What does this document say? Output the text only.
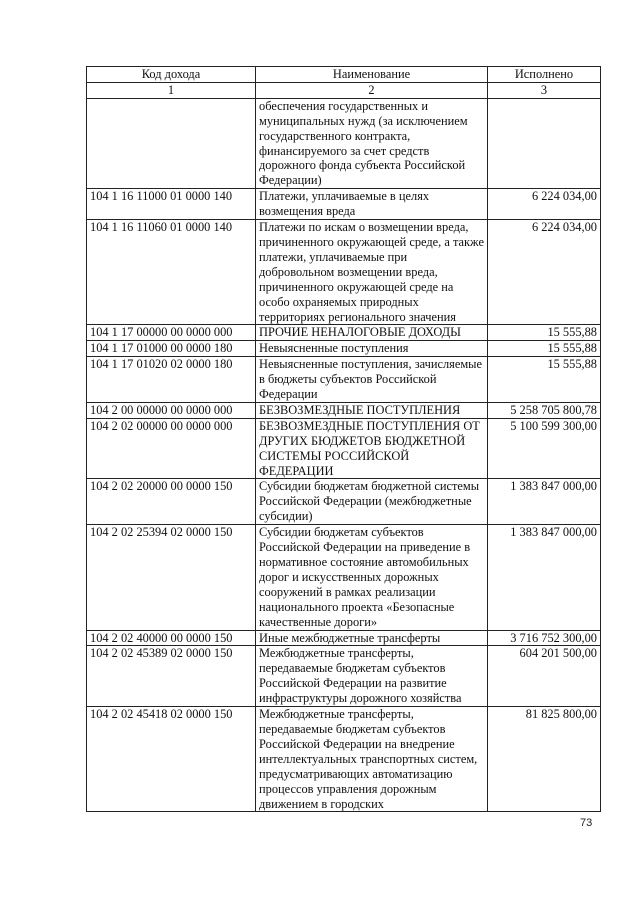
Код дохода	Наименование	Исполнено
1	2	3
	обеспечения государственных и муниципальных нужд (за исключением государственного контракта, финансируемого за счет средств дорожного фонда субъекта Российской Федерации)	
104 1 16 11000 01 0000 140	Платежи, уплачиваемые в целях возмещения вреда	6 224 034,00
104 1 16 11060 01 0000 140	Платежи по искам о возмещении вреда, причиненного окружающей среде, а также платежи, уплачиваемые при добровольном возмещении вреда, причиненного окружающей среде на особо охраняемых природных территориях регионального значения	6 224 034,00
104 1 17 00000 00 0000 000	ПРОЧИЕ НЕНАЛОГОВЫЕ ДОХОДЫ	15 555,88
104 1 17 01000 00 0000 180	Невыясненные поступления	15 555,88
104 1 17 01020 02 0000 180	Невыясненные поступления, зачисляемые в бюджеты субъектов Российской Федерации	15 555,88
104 2 00 00000 00 0000 000	БЕЗВОЗМЕЗДНЫЕ ПОСТУПЛЕНИЯ	5 258 705 800,78
104 2 02 00000 00 0000 000	БЕЗВОЗМЕЗДНЫЕ ПОСТУПЛЕНИЯ ОТ ДРУГИХ БЮДЖЕТОВ БЮДЖЕТНОЙ СИСТЕМЫ РОССИЙСКОЙ ФЕДЕРАЦИИ	5 100 599 300,00
104 2 02 20000 00 0000 150	Субсидии бюджетам бюджетной системы Российской Федерации (межбюджетные субсидии)	1 383 847 000,00
104 2 02 25394 02 0000 150	Субсидии бюджетам субъектов Российской Федерации на приведение в нормативное состояние автомобильных дорог и искусственных дорожных сооружений в рамках реализации национального проекта «Безопасные качественные дороги»	1 383 847 000,00
104 2 02 40000 00 0000 150	Иные межбюджетные трансферты	3 716 752 300,00
104 2 02 45389 02 0000 150	Межбюджетные трансферты, передаваемые бюджетам субъектов Российской Федерации на развитие инфраструктуры дорожного хозяйства	604 201 500,00
104 2 02 45418 02 0000 150	Межбюджетные трансферты, передаваемые бюджетам субъектов Российской Федерации на внедрение интеллектуальных транспортных систем, предусматривающих автоматизацию процессов управления дорожным движением в городских	81 825 800,00
73
